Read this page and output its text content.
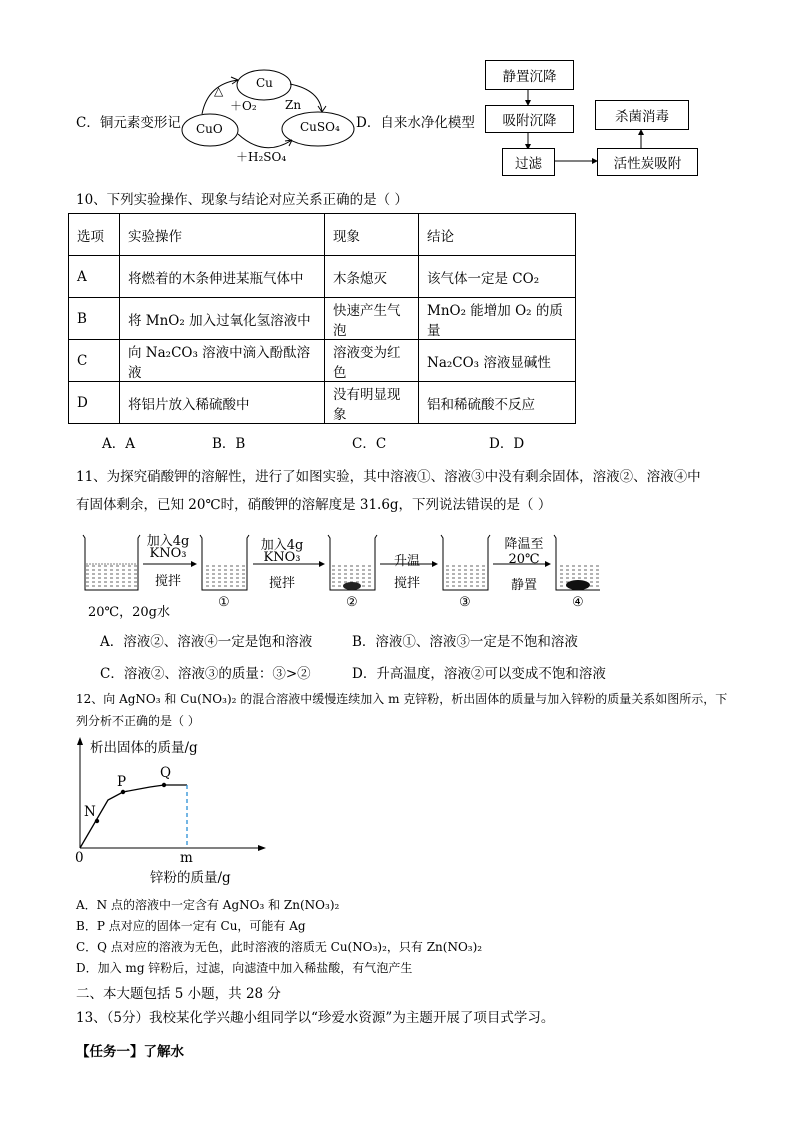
C．铜元素变形记
Cu
CuO	CuSO₄
△
＋O₂ Zn
＋H₂SO₄
D．自来水净化模型
静置沉降
吸附沉降
过滤	活性炭吸附
杀菌消毒
10、下列实验操作、现象与结论对应关系正确的是（ ）
选项	实验操作	现象	结论
A	将燃着的木条伸进某瓶气体中	木条熄灭	该气体一定是 CO₂
B	将 MnO₂ 加入过氧化氢溶液中	快速产生气泡	MnO₂ 能增加 O₂ 的质量
C	向 Na₂CO₃ 溶液中滴入酚酞溶液	溶液变为红色	Na₂CO₃ 溶液显碱性
D	将铝片放入稀硫酸中	没有明显现象	铝和稀硫酸不反应
A．A	B．B	C．C	D．D
11、为探究硝酸钾的溶解性，进行了如图实验，其中溶液①、溶液③中没有剩余固体，溶液②、溶液④中
有固体剩余，已知 20℃时，硝酸钾的溶解度是 31.6g，下列说法错误的是（ ）
加入4g
KNO₃
搅拌
加入4g
KNO₃
搅拌
升温
搅拌
降温至
20℃
静置
20℃，20g水
①	②	③	④
A．溶液②、溶液④一定是饱和溶液	B．溶液①、溶液③一定是不饱和溶液
C．溶液②、溶液③的质量：③>②	D．升高温度，溶液②可以变成不饱和溶液
12、向 AgNO₃ 和 Cu(NO₃)₂ 的混合溶液中缓慢连续加入 m 克锌粉，析出固体的质量与加入锌粉的质量关系如图所示，下
列分析不正确的是（ ）
析出固体的质量/g
锌粉的质量/g
0	m
N
P
Q
A．N 点的溶液中一定含有 AgNO₃ 和 Zn(NO₃)₂
B．P 点对应的固体一定有 Cu，可能有 Ag
C．Q 点对应的溶液为无色，此时溶液的溶质无 Cu(NO₃)₂，只有 Zn(NO₃)₂
D．加入 mg 锌粉后，过滤，向滤渣中加入稀盐酸，有气泡产生
二、本大题包括 5 小题，共 28 分
13、（5分）我校某化学兴趣小组同学以“珍爱水资源”为主题开展了项目式学习。
【任务一】了解水
